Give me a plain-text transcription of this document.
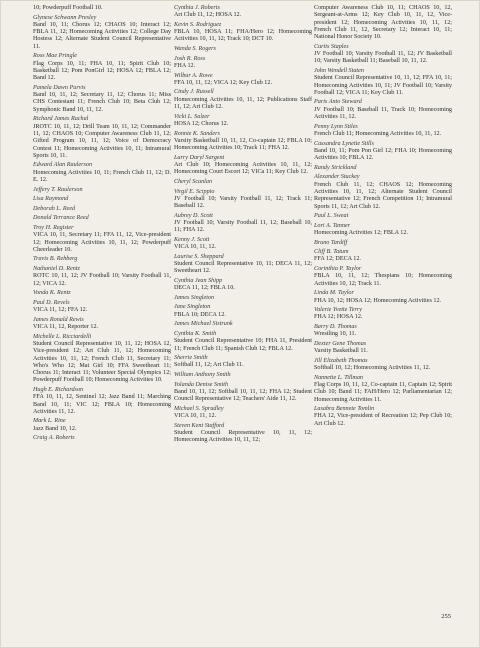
10; Powderpuff Football 10.
Glynese Schwann Presley
Band 10, 11; Chorus 12; CHAOS 10; Interact 12; FBLA 11, 12; Homecoming Activities 12; College Day Hostess 12; Alternate Student Council Representative 11.
Ross Mae Pringle
Flag Corps 10, 11; FHA 10, 11; Spirit Club 10; Basketball 12; Pom PonGirl 12; HOSA 12; FBLA 12; Band 12.
Pamela Dawn Purvis
Band 10, 11, 12; Secretary 11, 12; Chorus 11; Miss CHS Contestant 11; French Club 10; Beta Club 12; Symphonic Band 10, 11, 12.
Richard James Rachal
JROTC 10, 11, 12; Drill Team 10, 11, 12; Commander 11, 12; CHAOS 10; Computer Awareness Club 11, 12; Gifted Program 10, 11, 12; Voice of Democracy Contest 11; Homecoming Activities 10, 11; Intramural Sports 10, 11.
Edward Alan Raulerson
Homecoming Activities 10, 11; French Club 11, 12; D. E. 12.
Jeffery T. Raulerson
Lisa Raymond
Deborah L. Reed
Donald Terrance Reed
Troy H. Register
VICA 10, 11, Secretary 11; FFA 11, 12, Vice-president 12; Homecoming Activities 10, 11, 12; Powderpuff Cheerleader 10.
Travis B. Rehberg
Nathaniel D. Rentz
ROTC 10, 11, 12; JV Football 10; Varsity Football 11, 12; VICA 12.
Vonda K. Rentz
Paul D. Revels
VICA 11, 12; FFA 12.
James Ronald Rewis
VICA 11, 12, Reporter 12.
Michelle L. Ricciardelli
Student Council Representative 10, 11, 12; HOSA 12, Vice-president 12; Art Club 11, 12; Homecoming Activities 10, 11, 12; French Club 11, Secretary 11; Who's Who 12; Mat Girl 10; FFA Sweetheart 11; Chorus 11; Interact 11; Volunteer Special Olympics 12; Powderpuff Football 10; Homecoming Activities 10.
Hugh E. Richardson
FFA 10, 11, 12, Sentinel 12; Jazz Band 11; Marching Band 10, 11; VIC 12; FBLA 10; Homecoming Activities 11, 12.
Mark L. Rine
Jazz Band 10, 12.
Craig A. Roberts
Cynthia J. Roberts
Art Club 11, 12; HOSA 12.
Kevin S. Rodriguez
FBLA 10, HOSA 11; FHA/Hero 12; Homecoming Activities 10, 11, 12; Track 10; DCT 10.
Wanda S. Rogers
Josh R. Ross
FHA 12.
Wilbur A. Rowe
FFA 10, 11, 12; VICA 12; Key Club 12.
Cindy J. Russell
Homecoming Activities 10, 11, 12; Publications Staff 11, 12; Art Club 12.
Vicki L. Salzer
HOSA 12; Chorus 12.
Ronnie K. Sanders
Varsity Basketball 10, 11, 12, Co-captain 12; FBLA 10; Homecoming Activities 10; Track 11; FHA 12.
Larry Daryl Sargent
Art Club 10; Homecoming Activities 10, 11, 12; Homecoming Court Escort 12; VICa 11; Key Club 12.
Cheryl Scanlan
Virgil E. Scippio
JV Football 10; Varsity Football 11, 12; Track 11; Baseball 12.
Aubrey D. Scott
JV Football 10; Varsity Football 11, 12; Baseball 10, 11; FHA 12.
Kenny J. Scott
VICA 10, 11, 12.
Laurise S. Sheppard
Student Council Representative 10, 11; DECA 11, 12; Sweetheart 12.
Cynthia Jean Shipp
DECA 11, 12; FBLA 10.
James Singleton
Jane Singleton
FBLA 10; DECA 12.
James Michael Sistrunk
Cynthia K. Smith
Student Council Representative 10; FHA 11, President 11; French Club 11; Spanish Club 12; FBLA 12.
Sherrie Smith
Softball 11, 12; Art Club 11.
William Anthony Smith
Yolanda Denise Smith
Band 10, 11, 12; Softball 10, 11, 12; FHA 12; Student Council Representative 12; Teachers' Aide 11, 12.
Michael S. Spradley
VICA 10, 11, 12.
Steven Kent Stafford
Student Council Representative 10, 11, 12; Homecoming Activities 10, 11, 12;
Computer Awareness Club 10, 11; CHAOS 10, 12, Sergeant-at-Arms 12; Key Club 10, 11, 12, Vice-president 12; Homecoming Activities 10, 11, 12; French Club 11, 12, Secretary 12; Interact 10, 11; National Honor Society 10.
Curtis Staples
JV Football 10; Varsity Football 11, 12; JV Basketball 10; Varsity Basketball 11; Baseball 10, 11, 12.
John Wendell Staten
Student Council Representative 10, 11, 12; FFA 10, 11; Homecoming Activities 10, 11; JV Football 10; Varsity Football 12; VICA 11; Key Club 11.
Paris Anto Steward
JV Football 10; Baseball 11, Track 10; Homecoming Activities 11, 12.
Penny Lynn Stiles
French Club 11; Homecoming Activities 10, 11, 12.
Cassandra Lynette Stills
Band 10, 11; Pom Pon Girl 12; FHA 10; Homecoming Activities 10; FBLA 12.
Randy Strickland
Alexander Stuckey
French Club 11, 12; CHAOS 12; Homecoming Activities 10, 11, 12; Alternate Student Council Representative 12; French Competition 11; Intramural Sports 11, 12; Art Club 12.
Paul L. Sweat
Lori A. Tanner
Homecoming Activities 12; FBLA 12.
Bruno Tardiff
Cliff B. Tatum
FFA 12; DECA 12.
Corinthia P. Taylor
FBLA 10, 11, 12; Thespians 10; Homecoming Activities 10, 12; Track 11.
Linda M. Taylor
FHA 10, 12; HOSA 12; Homecoming Activities 12.
Valerie Yvette Terry
FHA 12; HOSA 12.
Barry D. Thomas
Wrestling 10, 11.
Dexter Gene Thomas
Varsity Basketball 11.
Jill Elizabeth Thomas
Softball 10, 12; Homecoming Activities 11, 12.
Nannette L. Tillman
Flag Corps 10, 11, 12, Co-captain 11, Captain 12; Spirit Club 10; Band 11; FAH/Hero 12; Parliamentarian 12; Homecoming Activities 11.
Lasabra Bennete Tomlin
FHA 12, Vice-president of Recreation 12; Pep Club 10; Art Club 12.
255
